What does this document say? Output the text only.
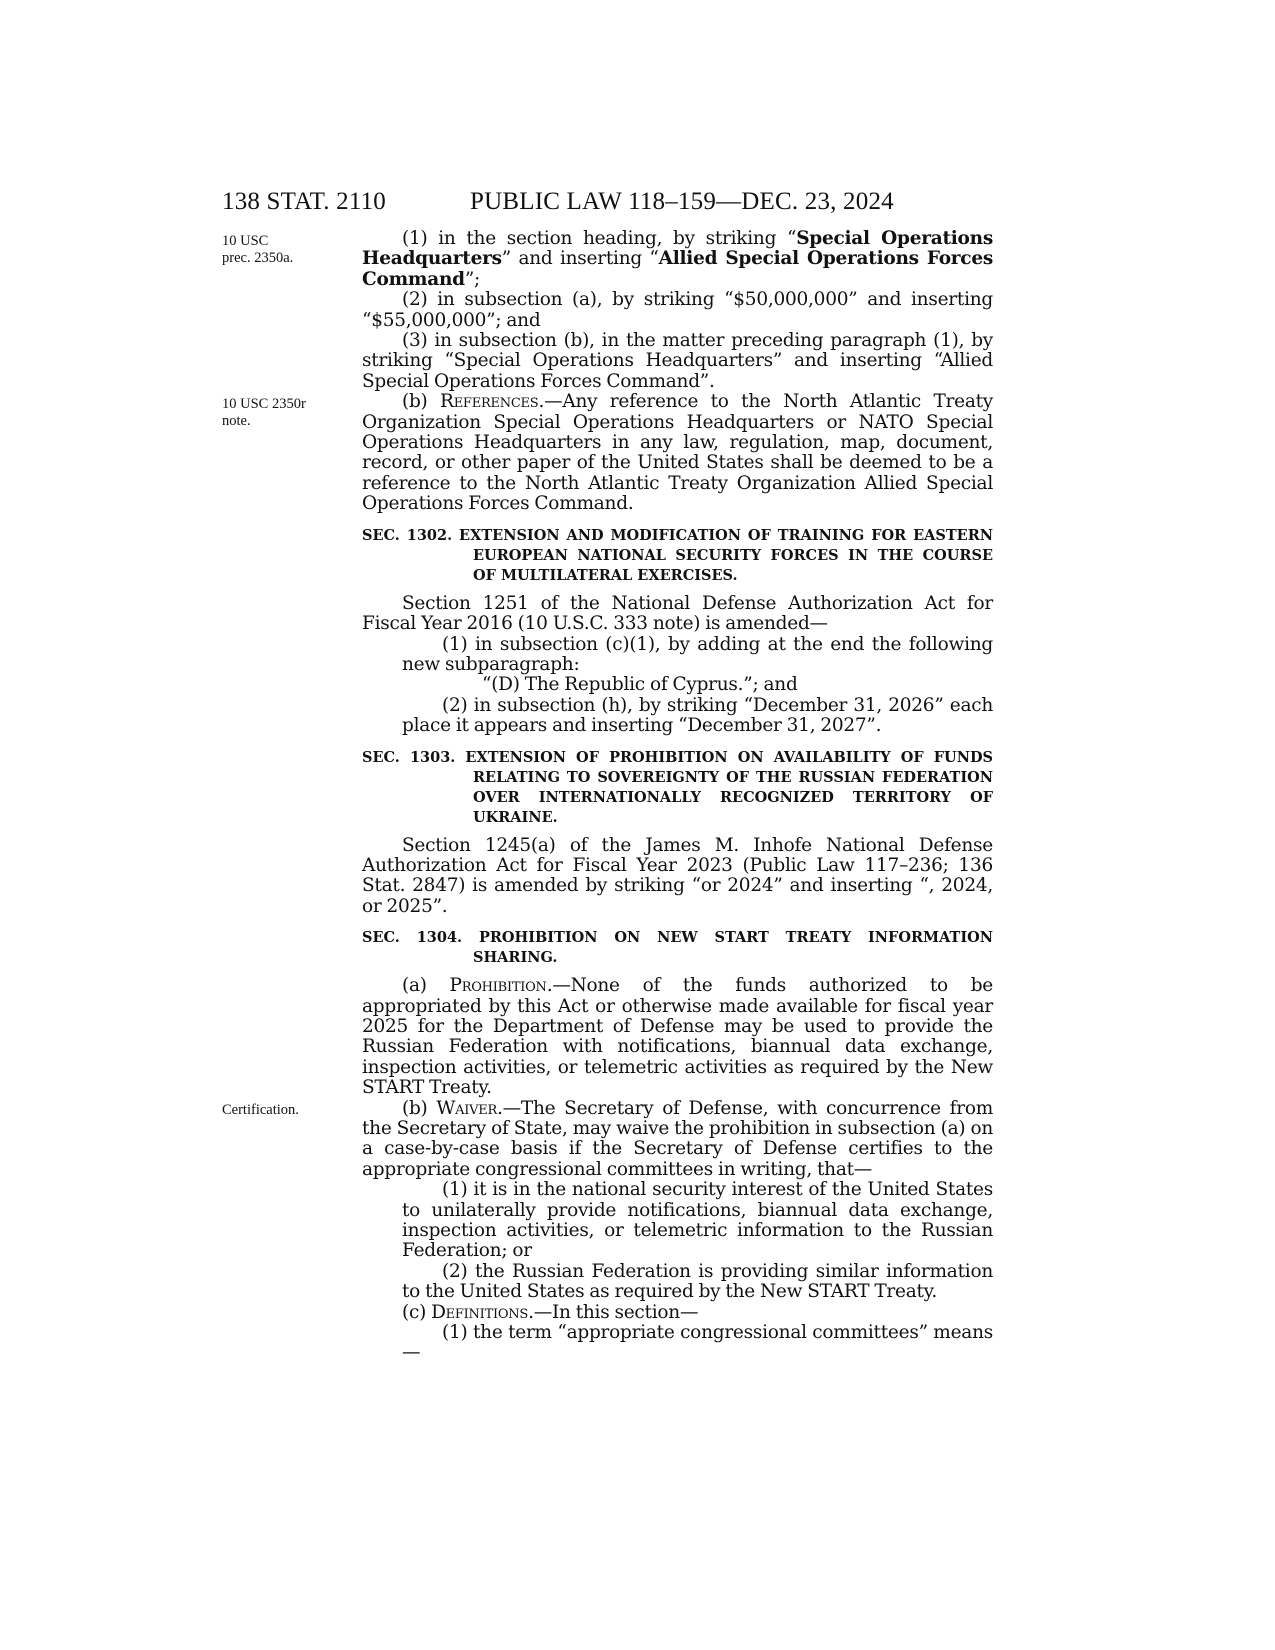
138 STAT. 2110	PUBLIC LAW 118–159—DEC. 23, 2024
10 USC
prec. 2350a.
10 USC 2350r
note.
Certification.

(1) in the section heading, by striking “Special Operations Headquarters” and inserting “Allied Special Operations Forces Command”;

(2) in subsection (a), by striking “$50,000,000” and inserting “$55,000,000”; and

(3) in subsection (b), in the matter preceding paragraph (1), by striking “Special Operations Headquarters” and inserting “Allied Special Operations Forces Command”.

(b) References.—Any reference to the North Atlantic Treaty Organization Special Operations Headquarters or NATO Special Operations Headquarters in any law, regulation, map, document, record, or other paper of the United States shall be deemed to be a reference to the North Atlantic Treaty Organization Allied Special Operations Forces Command.

SEC. 1302. EXTENSION AND MODIFICATION OF TRAINING FOR EASTERN EUROPEAN NATIONAL SECURITY FORCES IN THE COURSE OF MULTILATERAL EXERCISES.

Section 1251 of the National Defense Authorization Act for Fiscal Year 2016 (10 U.S.C. 333 note) is amended—

(1) in subsection (c)(1), by adding at the end the following new subparagraph:

“(D) The Republic of Cyprus.”; and

(2) in subsection (h), by striking “December 31, 2026” each place it appears and inserting “December 31, 2027”.

SEC. 1303. EXTENSION OF PROHIBITION ON AVAILABILITY OF FUNDS RELATING TO SOVEREIGNTY OF THE RUSSIAN FEDERATION OVER INTERNATIONALLY RECOGNIZED TERRITORY OF UKRAINE.

Section 1245(a) of the James M. Inhofe National Defense Authorization Act for Fiscal Year 2023 (Public Law 117–236; 136 Stat. 2847) is amended by striking “or 2024” and inserting “, 2024, or 2025”.

SEC. 1304. PROHIBITION ON NEW START TREATY INFORMATION SHARING.

(a) Prohibition.—None of the funds authorized to be appropriated by this Act or otherwise made available for fiscal year 2025 for the Department of Defense may be used to provide the Russian Federation with notifications, biannual data exchange, inspection activities, or telemetric activities as required by the New START Treaty.

(b) Waiver.—The Secretary of Defense, with concurrence from the Secretary of State, may waive the prohibition in subsection (a) on a case-by-case basis if the Secretary of Defense certifies to the appropriate congressional committees in writing, that—

(1) it is in the national security interest of the United States to unilaterally provide notifications, biannual data exchange, inspection activities, or telemetric information to the Russian Federation; or

(2) the Russian Federation is providing similar information to the United States as required by the New START Treaty.

(c) Definitions.—In this section—

(1) the term “appropriate congressional committees” means—
